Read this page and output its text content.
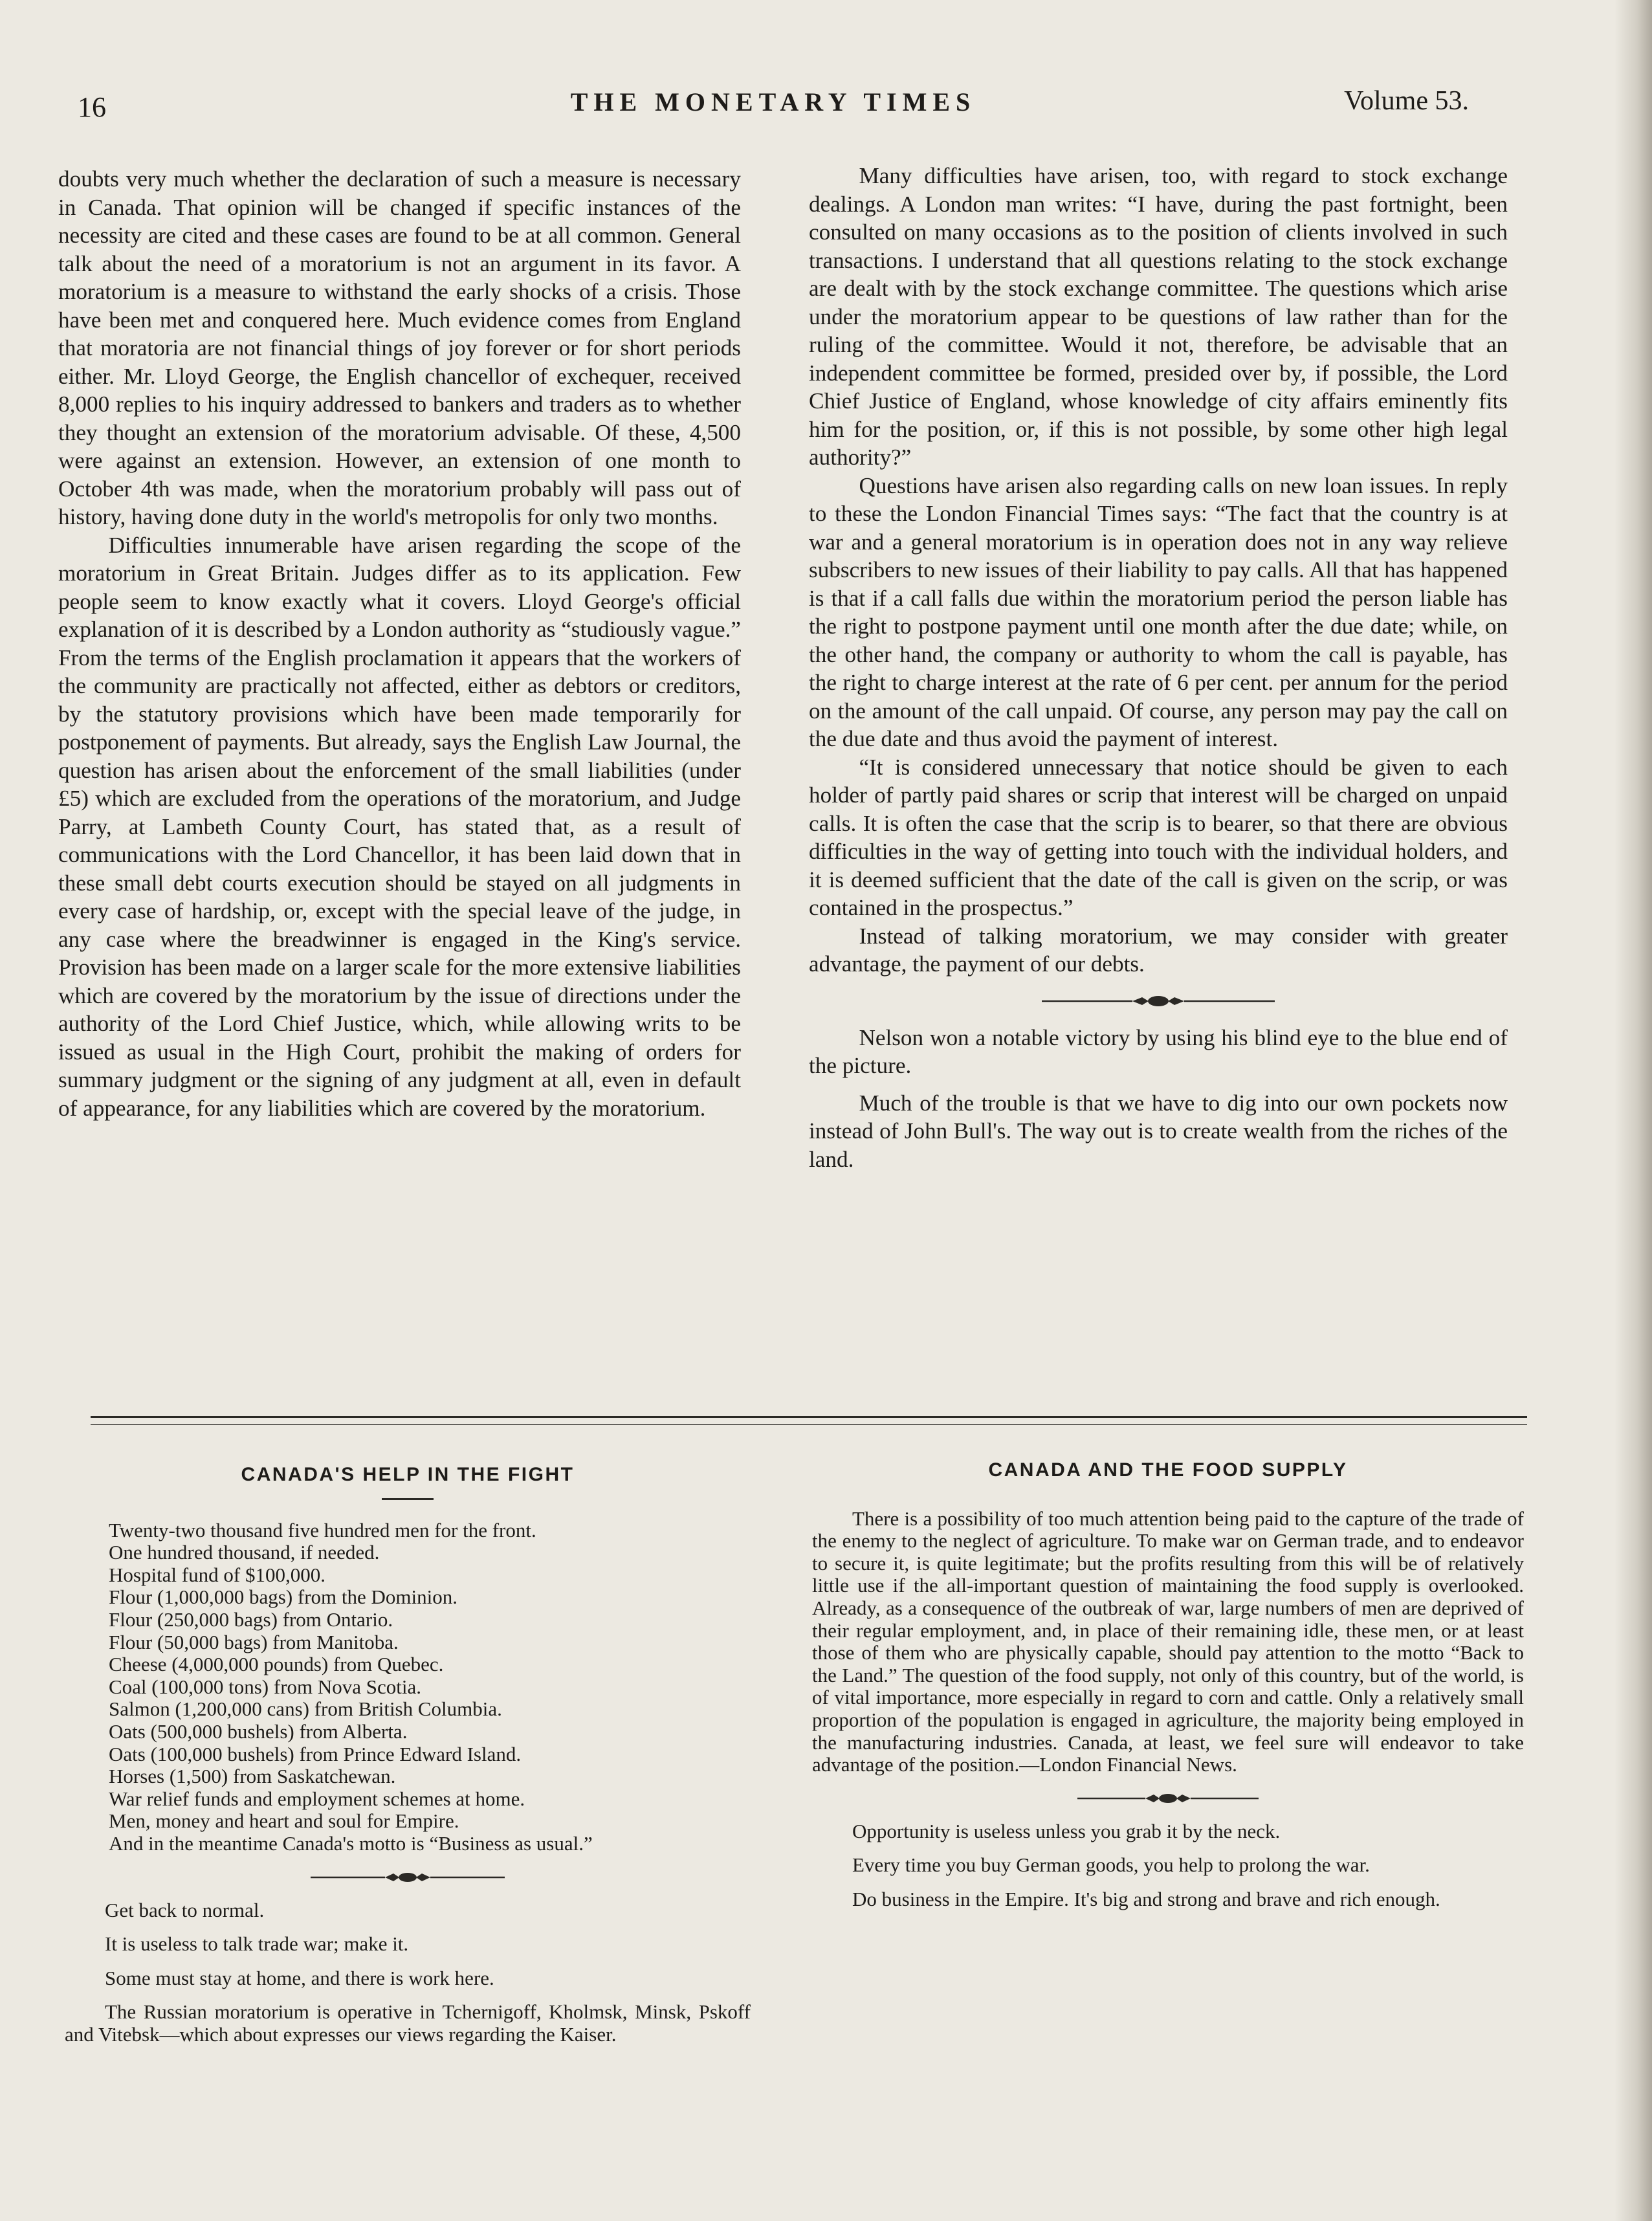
16	THE MONETARY TIMES	Volume 53.

doubts very much whether the declaration of such a measure is necessary in Canada. That opinion will be changed if specific instances of the necessity are cited and these cases are found to be at all common. General talk about the need of a moratorium is not an argument in its favor. A moratorium is a measure to withstand the early shocks of a crisis. Those have been met and conquered here. Much evidence comes from England that moratoria are not financial things of joy forever or for short periods either. Mr. Lloyd George, the English chancellor of exchequer, received 8,000 replies to his inquiry addressed to bankers and traders as to whether they thought an extension of the moratorium advisable. Of these, 4,500 were against an extension. However, an extension of one month to October 4th was made, when the moratorium probably will pass out of history, having done duty in the world's metropolis for only two months.

Difficulties innumerable have arisen regarding the scope of the moratorium in Great Britain. Judges differ as to its application. Few people seem to know exactly what it covers. Lloyd George's official explanation of it is described by a London authority as “studiously vague.” From the terms of the English proclamation it appears that the workers of the community are practically not affected, either as debtors or creditors, by the statutory provisions which have been made temporarily for postponement of payments. But already, says the English Law Journal, the question has arisen about the enforcement of the small liabilities (under £5) which are excluded from the operations of the moratorium, and Judge Parry, at Lambeth County Court, has stated that, as a result of communications with the Lord Chancellor, it has been laid down that in these small debt courts execution should be stayed on all judgments in every case of hardship, or, except with the special leave of the judge, in any case where the breadwinner is engaged in the King's service. Provision has been made on a larger scale for the more extensive liabilities which are covered by the moratorium by the issue of directions under the authority of the Lord Chief Justice, which, while allowing writs to be issued as usual in the High Court, prohibit the making of orders for summary judgment or the signing of any judgment at all, even in default of appearance, for any liabilities which are covered by the moratorium.

Many difficulties have arisen, too, with regard to stock exchange dealings. A London man writes: “I have, during the past fortnight, been consulted on many occasions as to the position of clients involved in such transactions. I understand that all questions relating to the stock exchange are dealt with by the stock exchange committee. The questions which arise under the moratorium appear to be questions of law rather than for the ruling of the committee. Would it not, therefore, be advisable that an independent committee be formed, presided over by, if possible, the Lord Chief Justice of England, whose knowledge of city affairs eminently fits him for the position, or, if this is not possible, by some other high legal authority?”

Questions have arisen also regarding calls on new loan issues. In reply to these the London Financial Times says: “The fact that the country is at war and a general moratorium is in operation does not in any way relieve subscribers to new issues of their liability to pay calls. All that has happened is that if a call falls due within the moratorium period the person liable has the right to postpone payment until one month after the due date; while, on the other hand, the company or authority to whom the call is payable, has the right to charge interest at the rate of 6 per cent. per annum for the period on the amount of the call unpaid. Of course, any person may pay the call on the due date and thus avoid the payment of interest.

“It is considered unnecessary that notice should be given to each holder of partly paid shares or scrip that interest will be charged on unpaid calls. It is often the case that the scrip is to bearer, so that there are obvious difficulties in the way of getting into touch with the individual holders, and it is deemed sufficient that the date of the call is given on the scrip, or was contained in the prospectus.”

Instead of talking moratorium, we may consider with greater advantage, the payment of our debts.

Nelson won a notable victory by using his blind eye to the blue end of the picture.

Much of the trouble is that we have to dig into our own pockets now instead of John Bull's. The way out is to create wealth from the riches of the land.

CANADA'S HELP IN THE FIGHT
Twenty-two thousand five hundred men for the front.
One hundred thousand, if needed.
Hospital fund of $100,000.
Flour (1,000,000 bags) from the Dominion.
Flour (250,000 bags) from Ontario.
Flour (50,000 bags) from Manitoba.
Cheese (4,000,000 pounds) from Quebec.
Coal (100,000 tons) from Nova Scotia.
Salmon (1,200,000 cans) from British Columbia.
Oats (500,000 bushels) from Alberta.
Oats (100,000 bushels) from Prince Edward Island.
Horses (1,500) from Saskatchewan.
War relief funds and employment schemes at home.
Men, money and heart and soul for Empire.

And in the meantime Canada's motto is “Business as usual.”

Get back to normal.

It is useless to talk trade war; make it.

Some must stay at home, and there is work here.

The Russian moratorium is operative in Tchernigoff, Kholmsk, Minsk, Pskoff and Vitebsk—which about expresses our views regarding the Kaiser.

CANADA AND THE FOOD SUPPLY

There is a possibility of too much attention being paid to the capture of the trade of the enemy to the neglect of agriculture. To make war on German trade, and to endeavor to secure it, is quite legitimate; but the profits resulting from this will be of relatively little use if the all-important question of maintaining the food supply is overlooked. Already, as a consequence of the outbreak of war, large numbers of men are deprived of their regular employment, and, in place of their remaining idle, these men, or at least those of them who are physically capable, should pay attention to the motto “Back to the Land.” The question of the food supply, not only of this country, but of the world, is of vital importance, more especially in regard to corn and cattle. Only a relatively small proportion of the population is engaged in agriculture, the majority being employed in the manufacturing industries. Canada, at least, we feel sure will endeavor to take advantage of the position.—London Financial News.

Opportunity is useless unless you grab it by the neck.

Every time you buy German goods, you help to prolong the war.

Do business in the Empire. It's big and strong and brave and rich enough.
